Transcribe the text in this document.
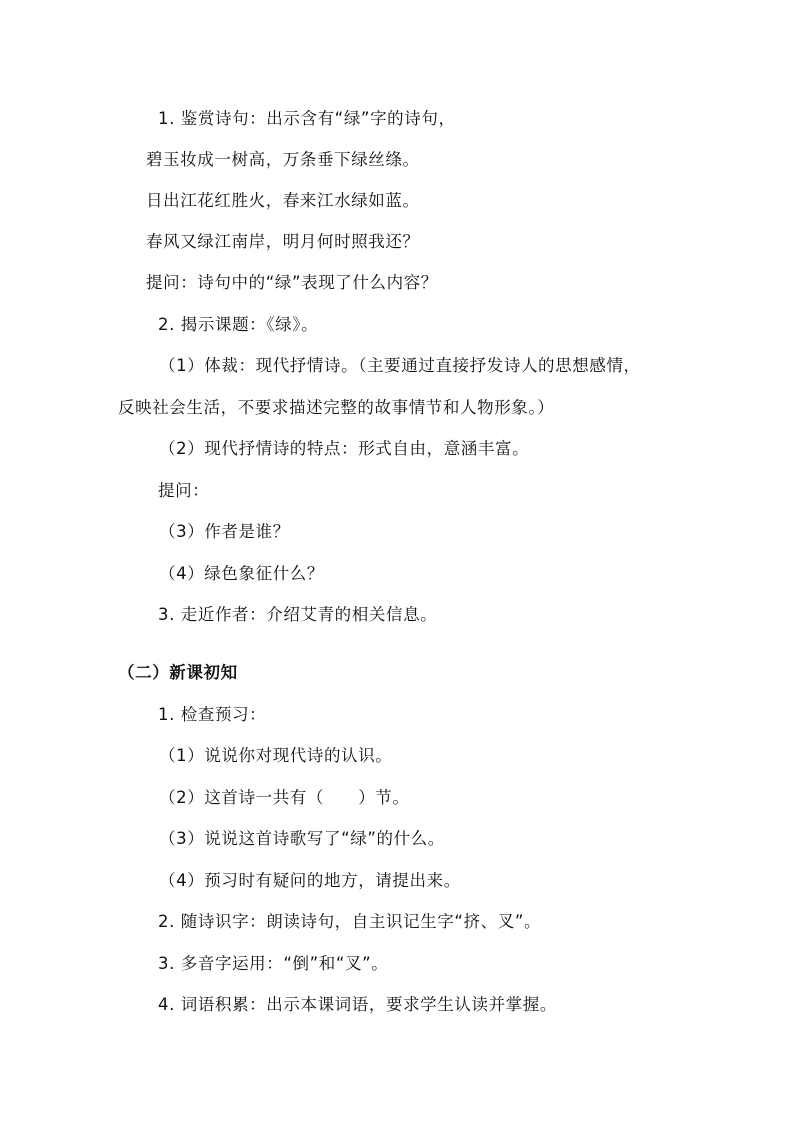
1. 鉴赏诗句：出示含有“绿”字的诗句，
碧玉妆成一树高，万条垂下绿丝绦。
日出江花红胜火，春来江水绿如蓝。
春风又绿江南岸，明月何时照我还？
提问：诗句中的“绿”表现了什么内容？
2. 揭示课题：《绿》。
（1）体裁：现代抒情诗。（主要通过直接抒发诗人的思想感情，
反映社会生活，不要求描述完整的故事情节和人物形象。）
（2）现代抒情诗的特点：形式自由，意涵丰富。
提问：
（3）作者是谁？
（4）绿色象征什么？
3. 走近作者：介绍艾青的相关信息。
（二）新课初知
1. 检查预习：
（1）说说你对现代诗的认识。
（2）这首诗一共有（　　）节。
（3）说说这首诗歌写了“绿”的什么。
（4）预习时有疑问的地方，请提出来。
2. 随诗识字：朗读诗句，自主识记生字“挤、叉”。
3. 多音字运用：“倒”和“叉”。
4. 词语积累：出示本课词语，要求学生认读并掌握。
